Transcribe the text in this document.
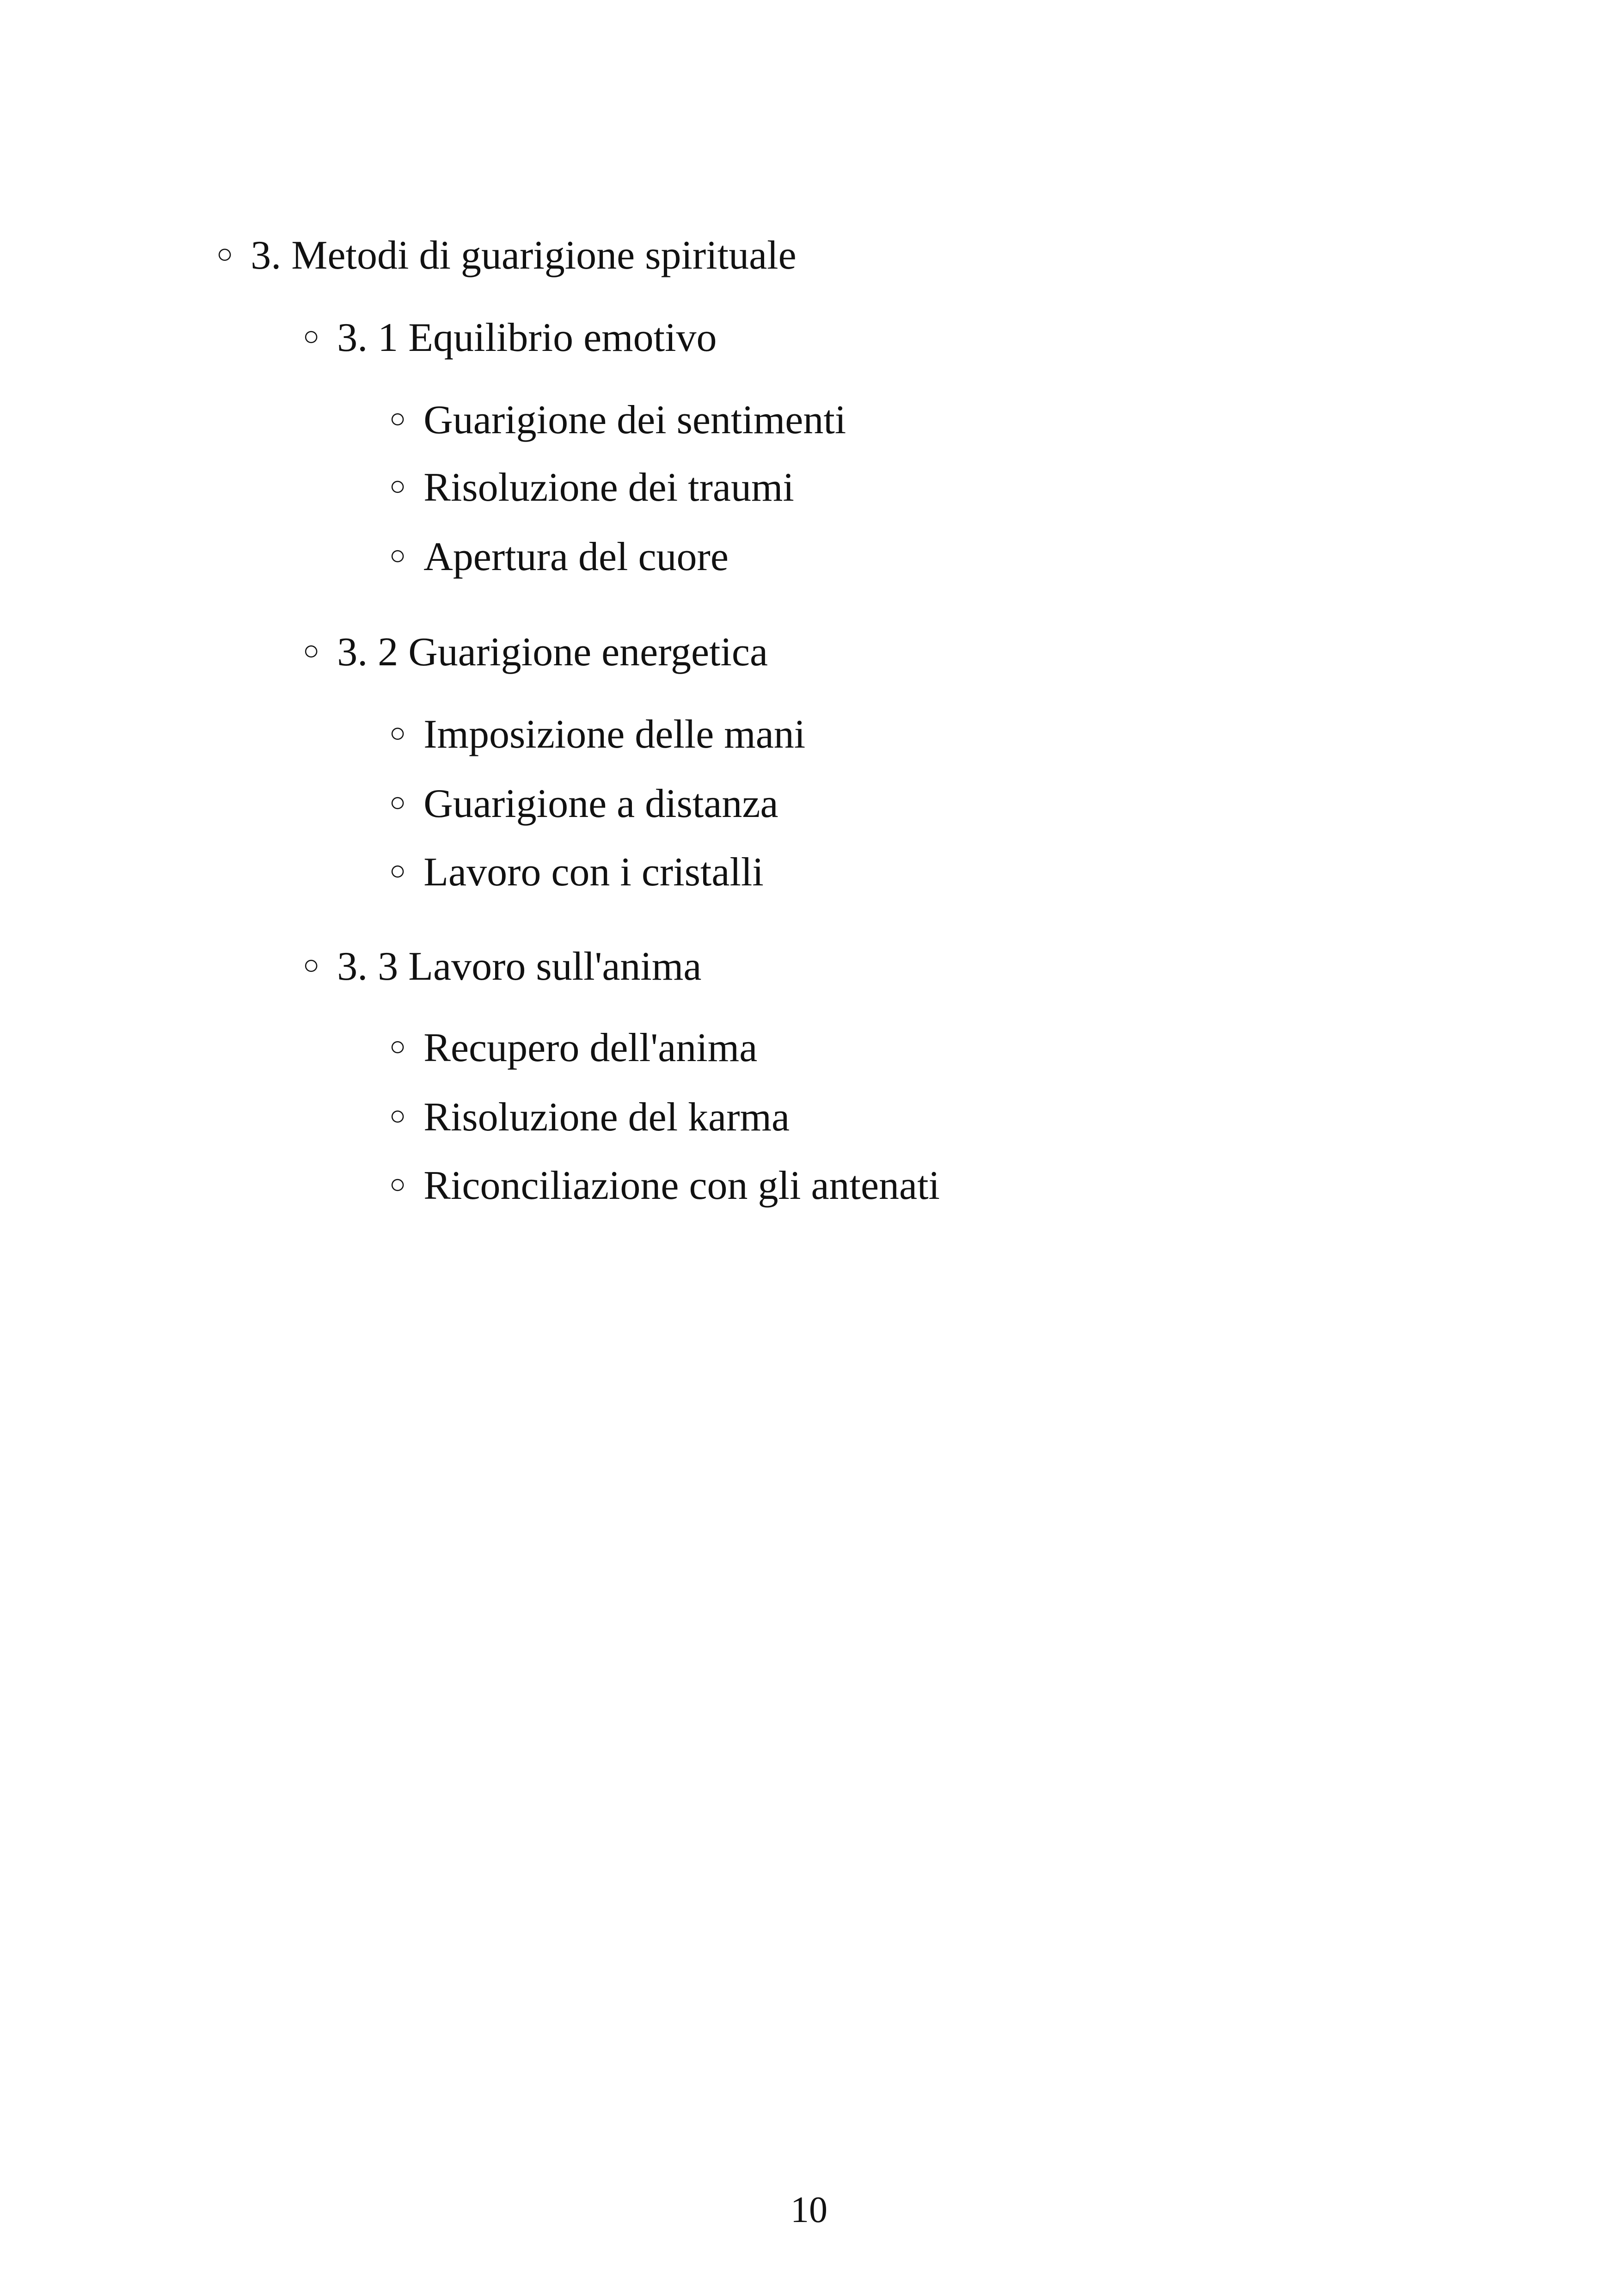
○ 3. Metodi di guarigione spirituale
○ 3. 1 Equilibrio emotivo
○ Guarigione dei sentimenti
○ Risoluzione dei traumi
○ Apertura del cuore
○ 3. 2 Guarigione energetica
○ Imposizione delle mani
○ Guarigione a distanza
○ Lavoro con i cristalli
○ 3. 3 Lavoro sull'anima
○ Recupero dell'anima
○ Risoluzione del karma
○ Riconciliazione con gli antenati
10
